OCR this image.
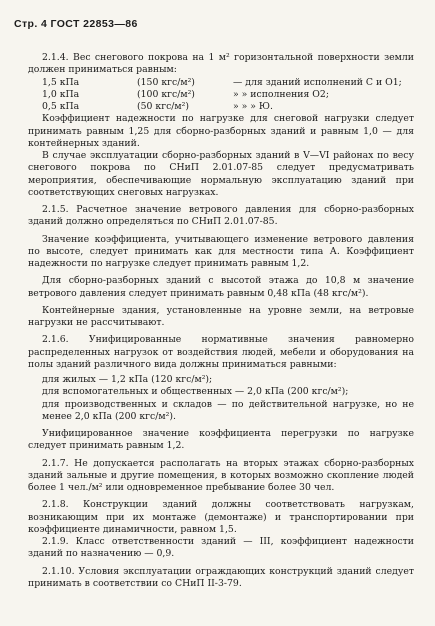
Стр. 4 ГОСТ 22853—86

2.1.4. Вес снегового покрова на 1 м² горизонтальной поверхности земли должен приниматься равным:

1,5 кПа	(150 кгс/м²)	— для зданий исполнений С и О1;
1,0 кПа	(100 кгс/м²)	» » исполнения О2;
0,5 кПа	(50 кгс/м²)	» » » Ю.

Коэффициент надежности по нагрузке для снеговой нагрузки следует принимать равным 1,25 для сборно-разборных зданий и равным 1,0 — для контейнерных зданий.

В случае эксплуатации сборно-разборных зданий в V—VI районах по весу снегового покрова по СНиП 2.01.07-85 следует предусматривать мероприятия, обеспечивающие нормальную эксплуатацию зданий при соответствующих снеговых нагрузках.

2.1.5. Расчетное значение ветрового давления для сборно-разборных зданий должно определяться по СНиП 2.01.07-85.

Значение коэффициента, учитывающего изменение ветрового давления по высоте, следует принимать как для местности типа А. Коэффициент надежности по нагрузке следует принимать равным 1,2.

Для сборно-разборных зданий с высотой этажа до 10,8 м значение ветрового давления следует принимать равным 0,48 кПа (48 кгс/м²).

Контейнерные здания, установленные на уровне земли, на ветровые нагрузки не рассчитывают.

2.1.6. Унифицированные нормативные значения равномерно распределенных нагрузок от воздействия людей, мебели и оборудования на полы зданий различного вида должны приниматься равными:

для жилых — 1,2 кПа (120 кгс/м²);
для вспомогательных и общественных — 2,0 кПа (200 кгс/м²);
для производственных и складов — по действительной нагрузке, но не менее 2,0 кПа (200 кгс/м²).

Унифицированное значение коэффициента перегрузки по нагрузке следует принимать равным 1,2.

2.1.7. Не допускается располагать на вторых этажах сборно-разборных зданий зальные и другие помещения, в которых возможно скопление людей более 1 чел./м² или одновременное пребывание более 30 чел.

2.1.8. Конструкции зданий должны соответствовать нагрузкам, возникающим при их монтаже (демонтаже) и транспортировании при коэффициенте динамичности, равном 1,5.

2.1.9. Класс ответственности зданий — III, коэффициент надежности зданий по назначению — 0,9.

2.1.10. Условия эксплуатации ограждающих конструкций зданий следует принимать в соответствии со СНиП II-3-79.
